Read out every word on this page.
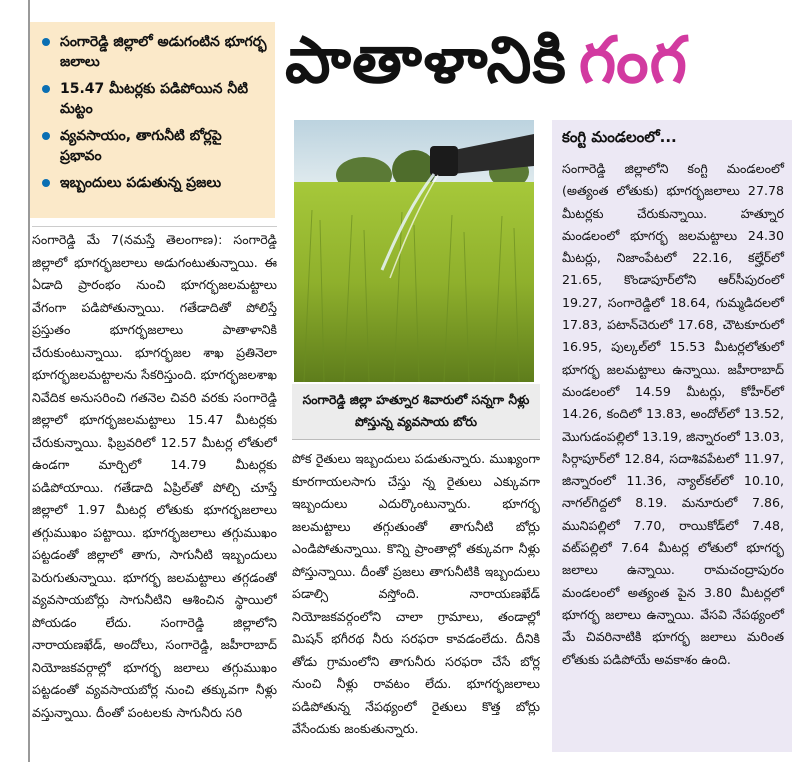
సంగారెడ్డి జిల్లాలో అడుగంటిన భూగర్భ జలాలు
15.47 మీటర్లకు పడిపోయిన నీటి మట్టం
వ్యవసాయం, తాగునీటి బోర్లపై ప్రభావం
ఇబ్బందులు పడుతున్న ప్రజలు
పాతాళానికి గంగ

సంగారెడ్డి మే 7(నమస్తే తెలంగాణ): సంగారెడ్డి జిల్లాలో భూగర్భజలాలు అడుగంటుతున్నాయి. ఈ ఏడాది ప్రారంభం నుంచి భూగర్భజలమట్టాలు వేగంగా పడిపోతున్నాయి. గతేడాదితో పోలిస్తే ప్రస్తుతం భూగర్భజలాలు పాతాళానికి చేరుకుంటున్నాయి. భూగర్భజల శాఖ ప్రతినెలా భూగర్భజలమట్టాలను సేకరిస్తుంది. భూగర్భజలశాఖ నివేదిక అనుసరించి గతనెల చివరి వరకు సంగారెడ్డి జిల్లాలో భూగర్భజలమట్టాలు 15.47 మీటర్లకు చేరుకున్నాయి. ఫిబ్రవరిలో 12.57 మీటర్ల లోతులో ఉండగా మార్చిలో 14.79 మీటర్లకు పడిపోయాయి. గతేడాది ఏప్రిల్‌తో పోల్చి చూస్తే జిల్లాలో 1.97 మీటర్ల లోతుకు భూగర్భజలాలు తగ్గుముఖం పట్టాయి. భూగర్భజలాలు తగ్గుముఖం పట్టడంతో జిల్లాలో తాగు, సాగునీటి ఇబ్బందులు పెరుగుతున్నాయి. భూగర్భ జలమట్టాలు తగ్గడంతో వ్యవసాయబోర్లు సాగునీటిని ఆశించిన స్థాయిలో పోయడం లేదు. సంగారెడ్డి జిల్లాలోని నారాయణఖేడ్, అందోలు, సంగారెడ్డి, జహీరాబాద్ నియోజకవర్గాల్లో భూగర్భ జలాలు తగ్గుముఖం పట్టడంతో వ్యవసాయబోర్ల నుంచి తక్కువగా నీళ్లు వస్తున్నాయి. దీంతో పంటలకు సాగునీరు సరి

సంగారెడ్డి జిల్లా హత్నూర శివారులో సన్నగా నీళ్లు పోస్తున్న వ్యవసాయ బోరు

పోక రైతులు ఇబ్బందులు పడుతున్నారు. ముఖ్యంగా కూరగాయలసాగు చేస్తు న్న రైతులు ఎక్కువగా ఇబ్బందులు ఎదుర్కొంటున్నారు. భూగర్భ జలమట్టాలు తగ్గుతుంతో తాగునీటి బోర్లు ఎండిపోతున్నాయి. కొన్ని ప్రాంతాల్లో తక్కువగా నీళ్లు పోస్తున్నాయి. దీంతో ప్రజలు తాగునీటికి ఇబ్బందులు పడాల్సి వస్తోంది. నారాయణఖేడ్ నియోజకవర్గంలోని చాలా గ్రామాలు, తండాల్లో మిషన్ భగీరథ నీరు సరఫరా కావడంలేదు. దీనికి తోడు గ్రామంలోని తాగునీరు సరఫరా చేసే బోర్ల నుంచి నీళ్లు రావటం లేదు. భూగర్భజలాలు పడిపోతున్న నేపథ్యంలో రైతులు కొత్త బోర్లు వేసేందుకు జంకుతున్నారు.

కంగ్టి మండలంలో...
సంగారెడ్డి జిల్లాలోని కంగ్టి మండలంలో (అత్యంత లోతుకు) భూగర్భజలాలు 27.78 మీటర్లకు చేరుకున్నాయి. హత్నూర మండలంలో భూగర్భ జలమట్టాలు 24.30 మీటర్లు, నిజాంపేటలో 22.16, కల్హేర్‌లో 21.65, కొండాపూర్‌లోని ఆర్‌సీపురంలో 19.27, సంగారెడ్డిలో 18.64, గుమ్మడిదలలో 17.83, పటాన్‌చెరులో 17.68, చౌటకూరులో 16.95, పుల్కల్‌లో 15.53 మీటర్లలోతులో భూగర్భ జలమట్టాలు ఉన్నాయి. జహీరాబాద్ మండలంలో 14.59 మీటర్లు, కోహీర్‌లో 14.26, కందిలో 13.83, అందోల్‌లో 13.52, మొగుడంపల్లిలో 13.19, జిన్నారంలో 13.03, సిర్గాపూర్‌లో 12.84, సదాశివపేటలో 11.97, జిన్నారంలో 11.36, న్యాల్‌కల్‌లో 10.10, నాగల్‌గిద్దలో 8.19. మనూరులో 7.86, మునిపల్లిలో 7.70, రాయికోడ్‌లో 7.48, వట్‌పల్లిలో 7.64 మీటర్ల లోతులో భూగర్భ జలాలు ఉన్నాయి. రామచంద్రాపురం మండలంలో అత్యంత పైన 3.80 మీటర్లలో భూగర్భ జలాలు ఉన్నాయి. వేసవి నేపథ్యంలో మే చివరినాటికి భూగర్భ జలాలు మరింత లోతుకు పడిపోయే అవకాశం ఉంది.
